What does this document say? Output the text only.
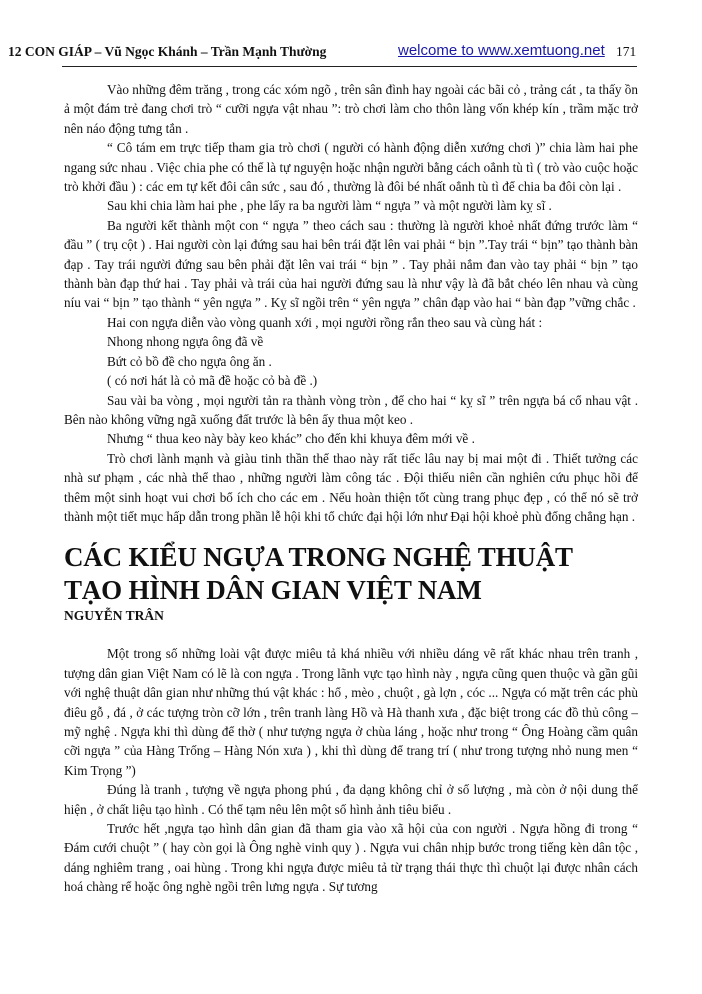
12 CON GIÁP – Vũ Ngọc Khánh – Trần Mạnh Thường	welcome to www.xemtuong.net 171

Vào những đêm trăng , trong các xóm ngõ , trên sân đình hay ngoài các bãi cỏ , trảng cát , ta thấy ồn ả một đám trẻ đang chơi trò “ cưỡi ngựa vật nhau ”: trò chơi làm cho thôn làng vốn khép kín , trầm mặc trở nên náo động tưng tắn .

“ Cô tám em trực tiếp tham gia trò chơi ( người có hành động diễn xướng chơi )” chia làm hai phe ngang sức nhau . Việc chia phe có thể là tự nguyện hoặc nhận người bằng cách oẳnh tù tì ( trò vào cuộc hoặc trò khởi đầu ) : các em tự kết đôi cân sức , sau đó , thường là đôi bé nhất oẳnh tù tì để chia ba đôi còn lại .

Sau khi chia làm hai phe , phe lấy ra ba người làm “ ngựa ” và một người làm kỵ sĩ .

Ba người kết thành một con “ ngựa ” theo cách sau : thường là người khoẻ nhất đứng trước làm “ đầu ” ( trụ cột ) . Hai người còn lại đứng sau hai bên trái đặt lên vai phải “ bịn ”.Tay trái “ bịn” tạo thành bàn đạp . Tay trái người đứng sau bên phải đặt lên vai trái “ bịn ” . Tay phải nắm đan vào tay phải “ bịn ” tạo thành bàn đạp thứ hai . Tay phải và trái của hai người đứng sau là như vậy là đã bắt chéo lên nhau và cùng níu vai “ bịn ” tạo thành “ yên ngựa ” . Kỵ sĩ ngồi trên “ yên ngựa ” chân đạp vào hai “ bàn đạp ”vững chắc .

Hai con ngựa diễn vào vòng quanh xới , mọi người rồng rắn theo sau và cùng hát :

Nhong nhong ngựa ông đã về

Bứt cỏ bồ đề cho ngựa ông ăn .

( có nơi hát là cỏ mã đề hoặc cỏ bà đề .)

Sau vài ba vòng , mọi người tản ra thành vòng tròn , để cho hai “ kỵ sĩ ” trên ngựa bá cổ nhau vật . Bên nào không vững ngã xuống đất trước là bên ấy thua một keo .

Nhưng “ thua keo này bày keo khác” cho đến khi khuya đêm mới về .

Trò chơi lành mạnh và giàu tinh thần thể thao này rất tiếc lâu nay bị mai một đi . Thiết tưởng các nhà sư phạm , các nhà thể thao , những người làm công tác . Đội thiếu niên cần nghiên cứu phục hồi để thêm một sinh hoạt vui chơi bổ ích cho các em . Nếu hoàn thiện tốt cùng trang phục đẹp , có thể nó sẽ trở thành một tiết mục hấp dẫn trong phần lễ hội khi tổ chức đại hội lớn như Đại hội khoẻ phù đổng chẳng hạn .

CÁC KIỂU NGỰA TRONG NGHỆ THUẬT
TẠO HÌNH DÂN GIAN VIỆT NAM
NGUYỄN TRÂN

Một trong số những loài vật được miêu tả khá nhiều với nhiều dáng vẽ rất khác nhau trên tranh , tượng dân gian Việt Nam có lẽ là con ngựa . Trong lãnh vực tạo hình này , ngựa cũng quen thuộc và gần gũi với nghệ thuật dân gian như những thú vật khác : hổ , mèo , chuột , gà lợn , cóc ... Ngựa có mặt trên các phù điêu gỗ , đá , ở các tượng tròn cỡ lớn , trên tranh làng Hồ và Hà thanh xưa , đặc biệt trong các đồ thủ công – mỹ nghệ . Ngựa khi thì dùng để thờ ( như tượng ngựa ở chùa láng , hoặc như trong “ Ông Hoàng cầm quân cỡi ngựa ” của Hàng Trống – Hàng Nón xưa ) , khi thì dùng để trang trí ( như trong tượng nhỏ nung men “ Kim Trọng ”)

Đúng là tranh , tượng về ngựa phong phú , đa dạng không chỉ ở số lượng , mà còn ở nội dung thể hiện , ở chất liệu tạo hình . Có thể tạm nêu lên một số hình ảnh tiêu biểu .

Trước hết ,ngựa tạo hình dân gian đã tham gia vào xã hội của con người . Ngựa hồng đi trong “ Đám cưới chuột ” ( hay còn gọi là Ông nghè vinh quy ) . Ngựa vui chân nhịp bước trong tiếng kèn dân tộc , dáng nghiêm trang , oai hùng . Trong khi ngựa được miêu tả từ trạng thái thực thì chuột lại được nhân cách hoá chàng rể hoặc ông nghè ngồi trên lưng ngựa . Sự tương
